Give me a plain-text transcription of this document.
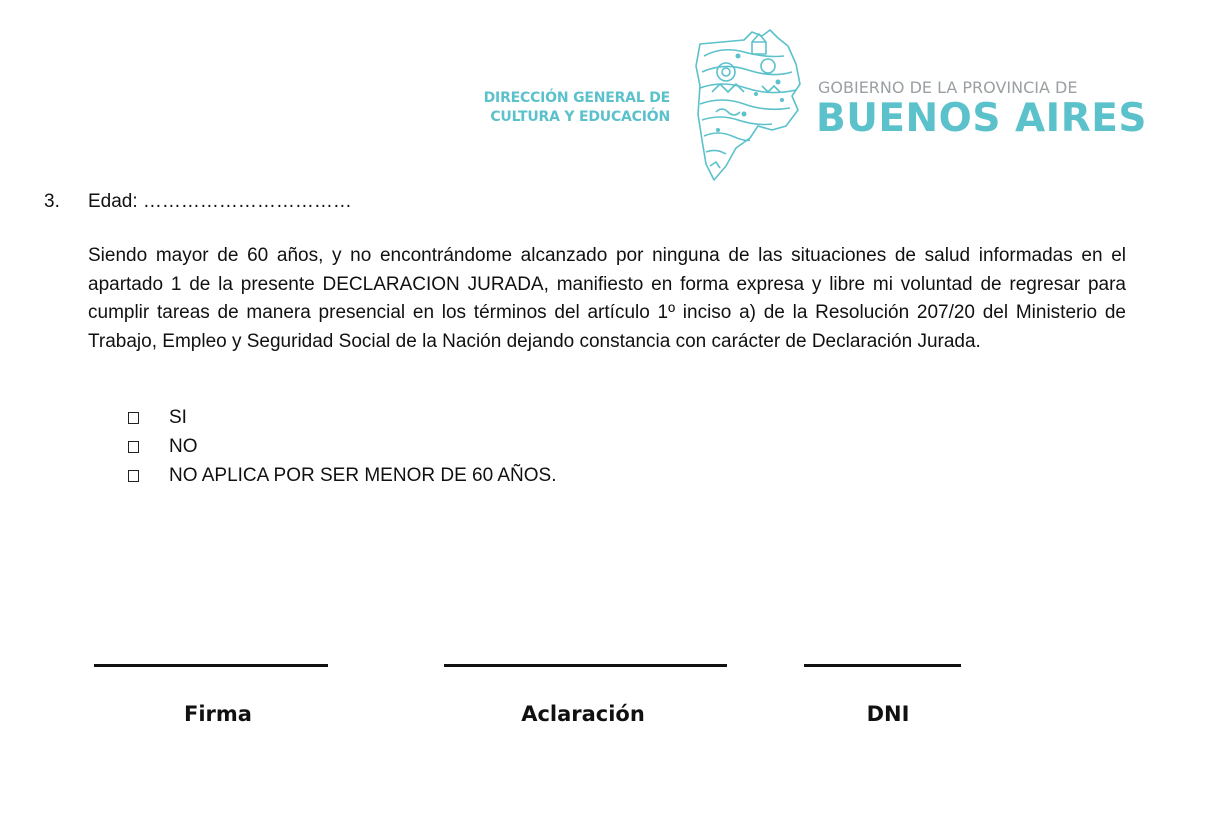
DIRECCIÓN GENERAL DE
CULTURA Y EDUCACIÓN
GOBIERNO DE LA PROVINCIA DE
BUENOS AIRES
3. Edad: ……………………………

Siendo mayor de 60 años, y no encontrándome alcanzado por ninguna de las situaciones de salud informadas en el apartado 1 de la presente DECLARACION JURADA, manifiesto en forma expresa y libre mi voluntad de regresar para cumplir tareas de manera presencial en los términos del artículo 1º inciso a) de la Resolución 207/20 del Ministerio de Trabajo, Empleo y Seguridad Social de la Nación dejando constancia con carácter de Declaración Jurada.

SI
NO
NO APLICA POR SER MENOR DE 60 AÑOS.
Firma	Aclaración	DNI
